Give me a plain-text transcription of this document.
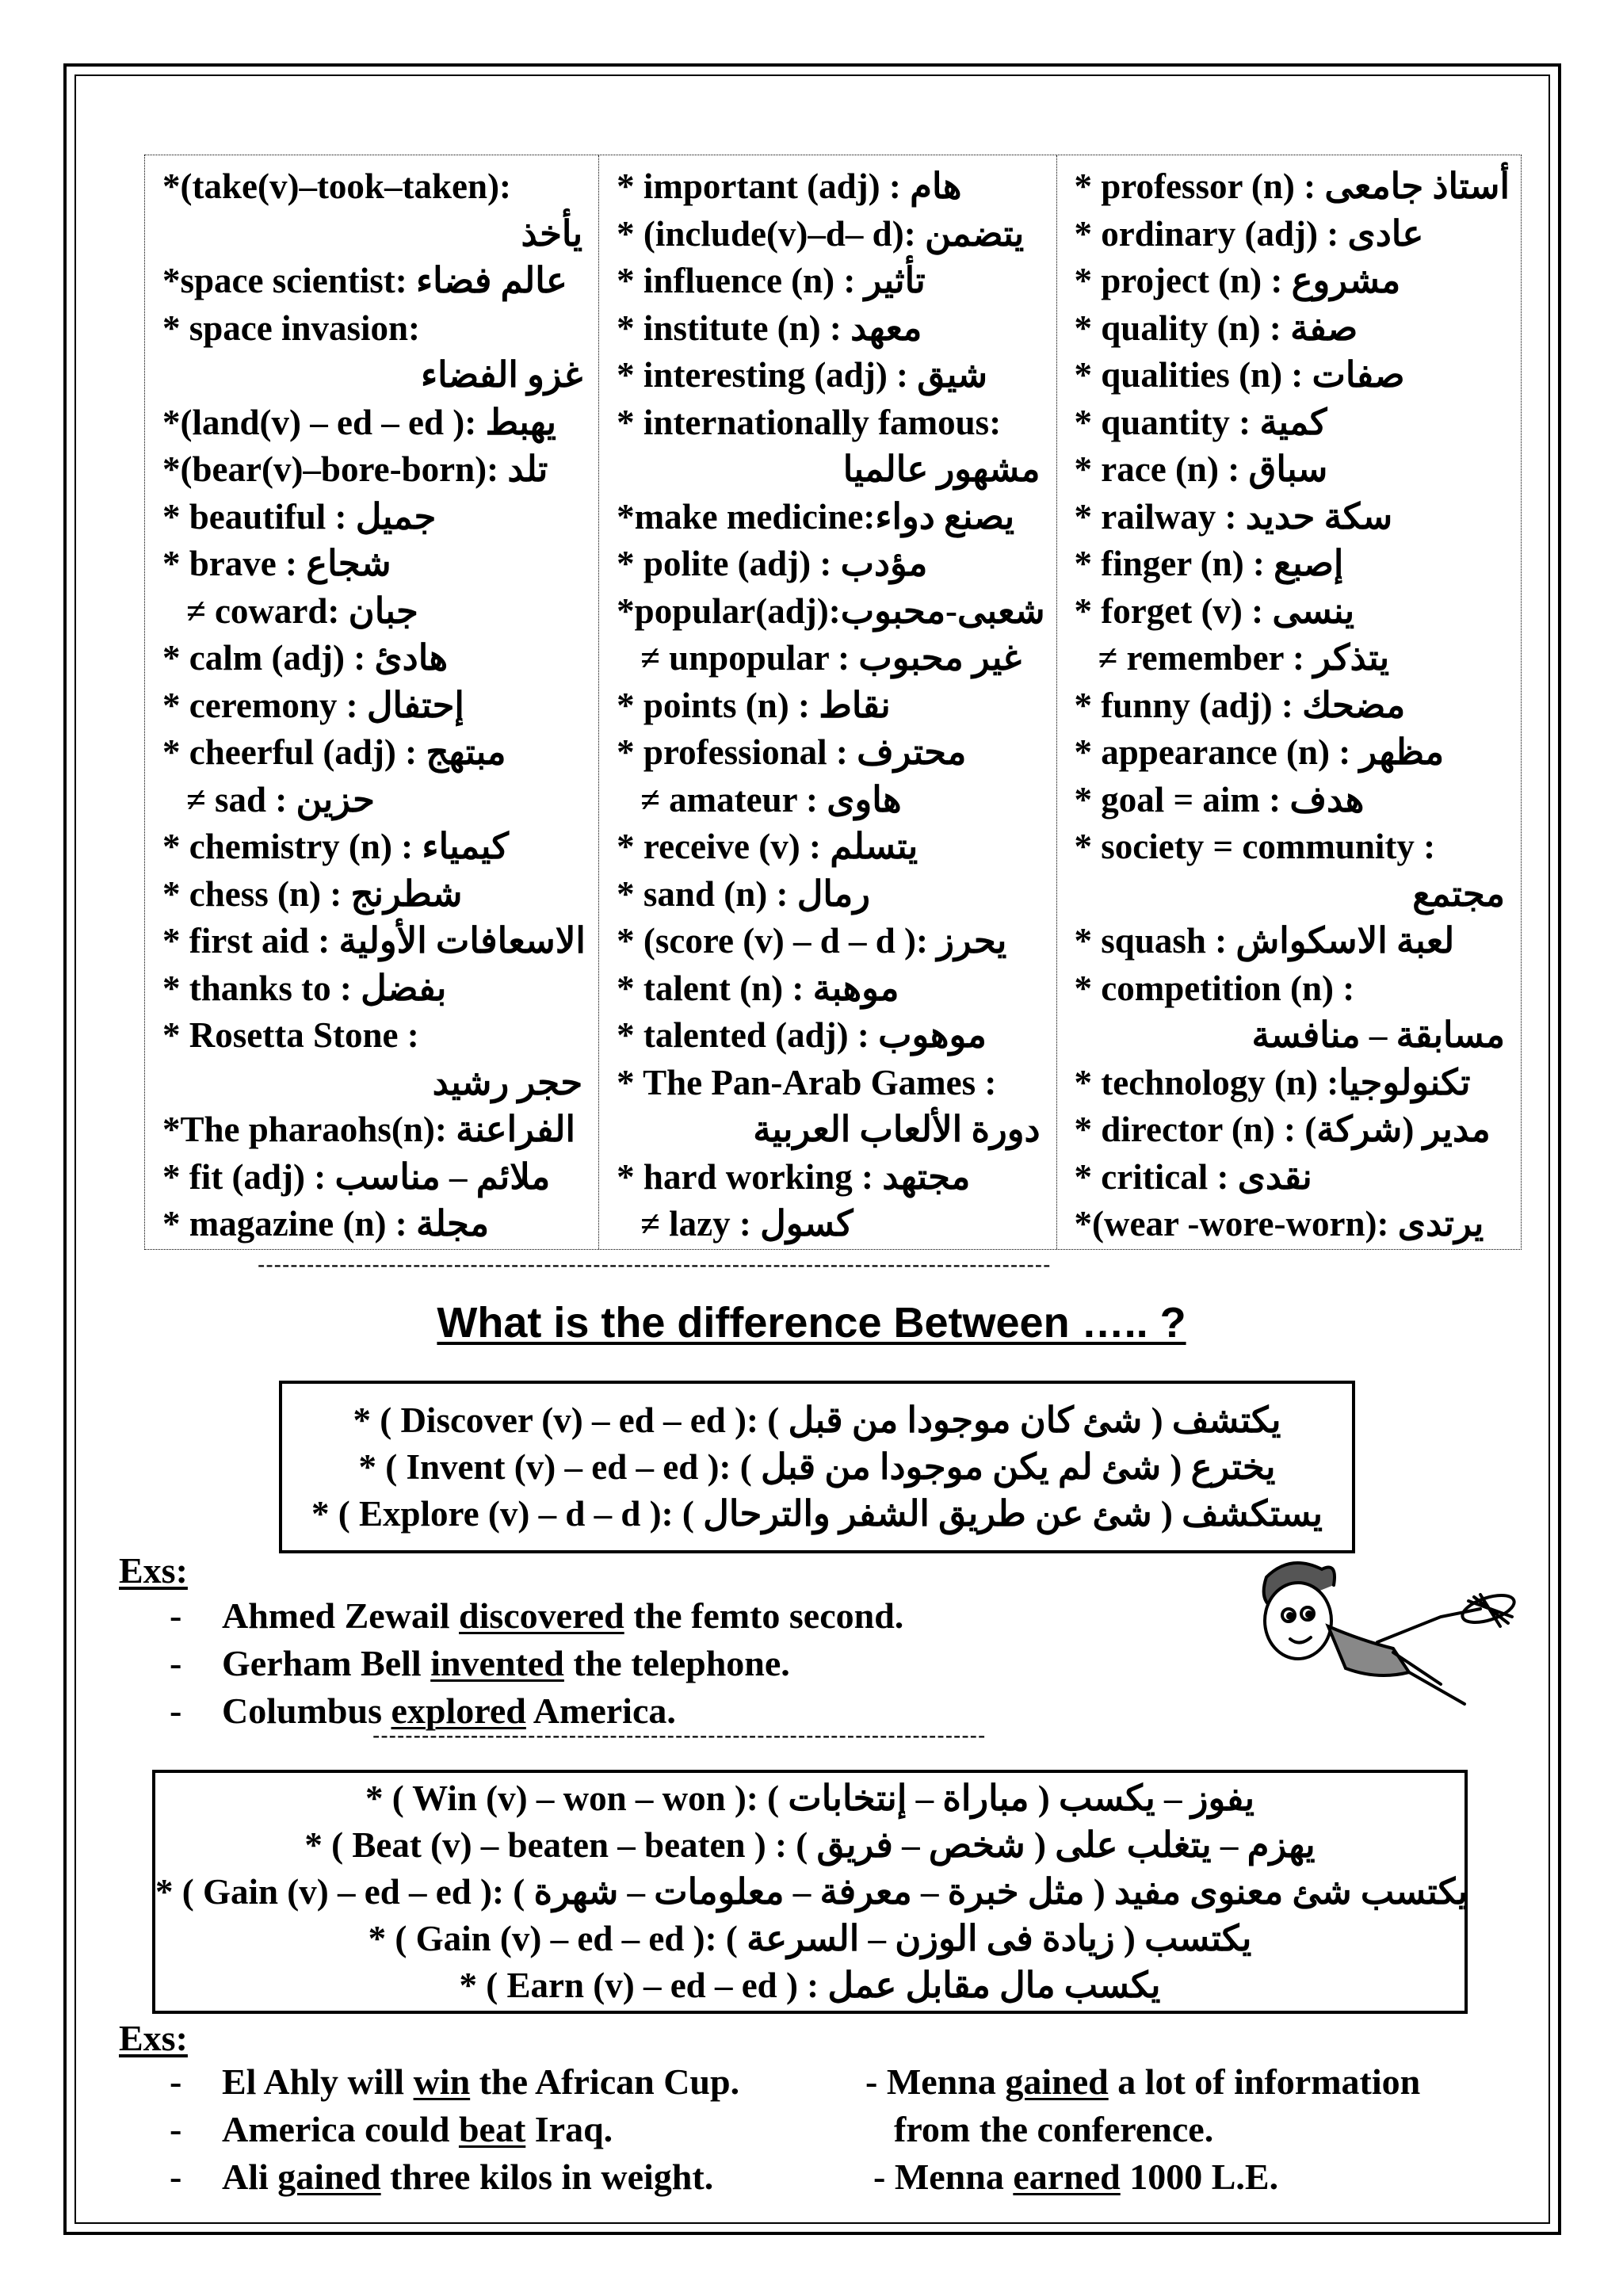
*(take(v)–took–taken):
يأخذ
*space scientist: عالم فضاء
* space invasion:
غزو الفضاء
*(land(v) – ed – ed ): يهبط
*(bear(v)–bore-born): تلد
* beautiful : جميل
* brave : شجاع
≠ coward: جبان
* calm (adj) : هادئ
* ceremony : إحتفال
* cheerful (adj) : مبتهج
≠ sad : حزين
* chemistry (n) : كيمياء
* chess (n) : شطرنج
* first aid : الاسعافات الأولية
* thanks to : بفضل
* Rosetta Stone :
حجر رشيد
*The pharaohs(n): الفراعنة
* fit (adj) : ملائم – مناسب
* magazine (n) : مجلة
* important (adj) : هام
* (include(v)–d– d): يتضمن
* influence (n) : تأثير
* institute (n) : معهد
* interesting (adj) : شيق
* internationally famous:
مشهور عالميا
*make medicine:يصنع دواء
* polite (adj) : مؤدب
*popular(adj):شعبى-محبوب
≠ unpopular : غير محبوب
* points (n) : نقاط
* professional : محترف
≠ amateur : هاوى
* receive (v) : يتسلم
* sand (n) : رمال
* (score (v) – d – d ): يحرز
* talent (n) : موهبة
* talented (adj) : موهوب
* The Pan-Arab Games :
دورة الألعاب العربية
* hard working : مجتهد
≠ lazy : كسول
* professor (n) : أستاذ جامعى
* ordinary (adj) : عادى
* project (n) : مشروع
* quality (n) : صفة
* qualities (n) : صفات
* quantity : كمية
* race (n) : سباق
* railway : سكة حديد
* finger (n) : إصبع
* forget (v) : ينسى
≠ remember : يتذكر
* funny (adj) : مضحك
* appearance (n) : مظهر
* goal = aim : هدف
* society = community :
مجتمع
* squash : لعبة الاسكواش
* competition (n) :
مسابقة – منافسة
* technology (n) :تكنولوجيا
* director (n) : مدير (شركة)
* critical : نقدى
*(wear -wore-worn): يرتدى
-------------------------------------------------------------------------------------------------
What is the difference Between ….. ?
* ( Discover (v) – ed – ed ): ( يكتشف ( شئ كان موجودا من قبل
* ( Invent (v) – ed – ed ): ( يخترع ( شئ لم يكن موجودا من قبل
* ( Explore (v) – d – d ): ( يستكشف ( شئ عن طريق الشفر والترحال
Exs:
- Ahmed Zewail discovered the femto second.
- Gerham Bell invented the telephone.
- Columbus explored America.
---------------------------------------------------------------------------
* ( Win (v) – won – won ): ( يفوز – يكسب ( مباراة – إنتخابات
* ( Beat (v) – beaten – beaten ) : ( يهزم – يتغلب على ( شخص – فريق
* ( Gain (v) – ed – ed ): ( يكتسب شئ معنوى مفيد ( مثل خبرة – معرفة – معلومات – شهرة
* ( Gain (v) – ed – ed ): ( يكتسب ( زيادة فى الوزن – السرعة
* ( Earn (v) – ed – ed ) : يكسب مال مقابل عمل
Exs:
- El Ahly will win the African Cup.
- America could beat Iraq.
- Ali gained three kilos in weight.
- Menna gained a lot of information
from the conference.
- Menna earned 1000 L.E.
